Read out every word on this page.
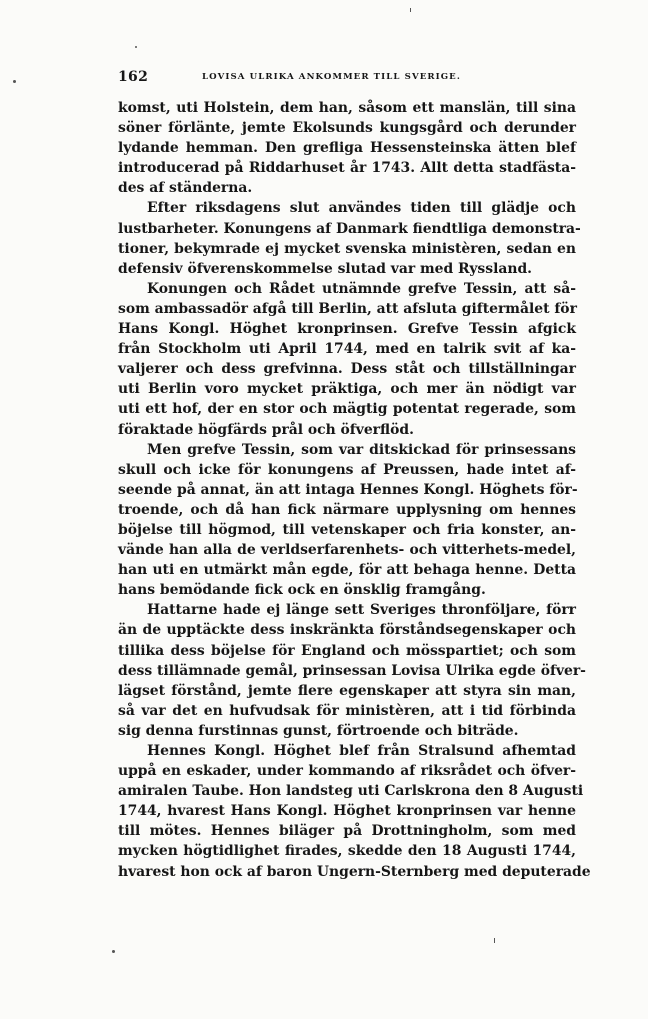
162	LOVISA ULRIKA ANKOMMER TILL SVERIGE.
komst, uti Holstein, dem han, såsom ett manslän, till sina
söner förlänte, jemte Ekolsunds kungsgård och derunder
lydande hemman. Den grefliga Hessensteinska ätten blef
introducerad på Riddarhuset år 1743. Allt detta stadfästa-
des af ständerna.
Efter riksdagens slut användes tiden till glädje och
lustbarheter. Konungens af Danmark fiendtliga demonstra-
tioner, bekymrade ej mycket svenska ministèren, sedan en
defensiv öfverenskommelse slutad var med Ryssland.
Konungen och Rådet utnämnde grefve Tessin, att så-
som ambassadör afgå till Berlin, att afsluta giftermålet för
Hans Kongl. Höghet kronprinsen. Grefve Tessin afgick
från Stockholm uti April 1744, med en talrik svit af ka-
valjerer och dess grefvinna. Dess ståt och tillställningar
uti Berlin voro mycket präktiga, och mer än nödigt var
uti ett hof, der en stor och mägtig potentat regerade, som
föraktade högfärds prål och öfverflöd.
Men grefve Tessin, som var ditskickad för prinsessans
skull och icke för konungens af Preussen, hade intet af-
seende på annat, än att intaga Hennes Kongl. Höghets för-
troende, och då han fick närmare upplysning om hennes
böjelse till högmod, till vetenskaper och fria konster, an-
vände han alla de verldserfarenhets- och vitterhets-medel,
han uti en utmärkt mån egde, för att behaga henne. Detta
hans bemödande fick ock en önsklig framgång.
Hattarne hade ej länge sett Sveriges thronföljare, förr
än de upptäckte dess inskränkta förståndsegenskaper och
tillika dess böjelse för England och mösspartiet; och som
dess tillämnade gemål, prinsessan Lovisa Ulrika egde öfver-
lägset förstånd, jemte flere egenskaper att styra sin man,
så var det en hufvudsak för ministèren, att i tid förbinda
sig denna furstinnas gunst, förtroende och biträde.
Hennes Kongl. Höghet blef från Stralsund afhemtad
uppå en eskader, under kommando af riksrådet och öfver-
amiralen Taube. Hon landsteg uti Carlskrona den 8 Augusti
1744, hvarest Hans Kongl. Höghet kronprinsen var henne
till mötes. Hennes biläger på Drottningholm, som med
mycken högtidlighet firades, skedde den 18 Augusti 1744,
hvarest hon ock af baron Ungern-Sternberg med deputerade
